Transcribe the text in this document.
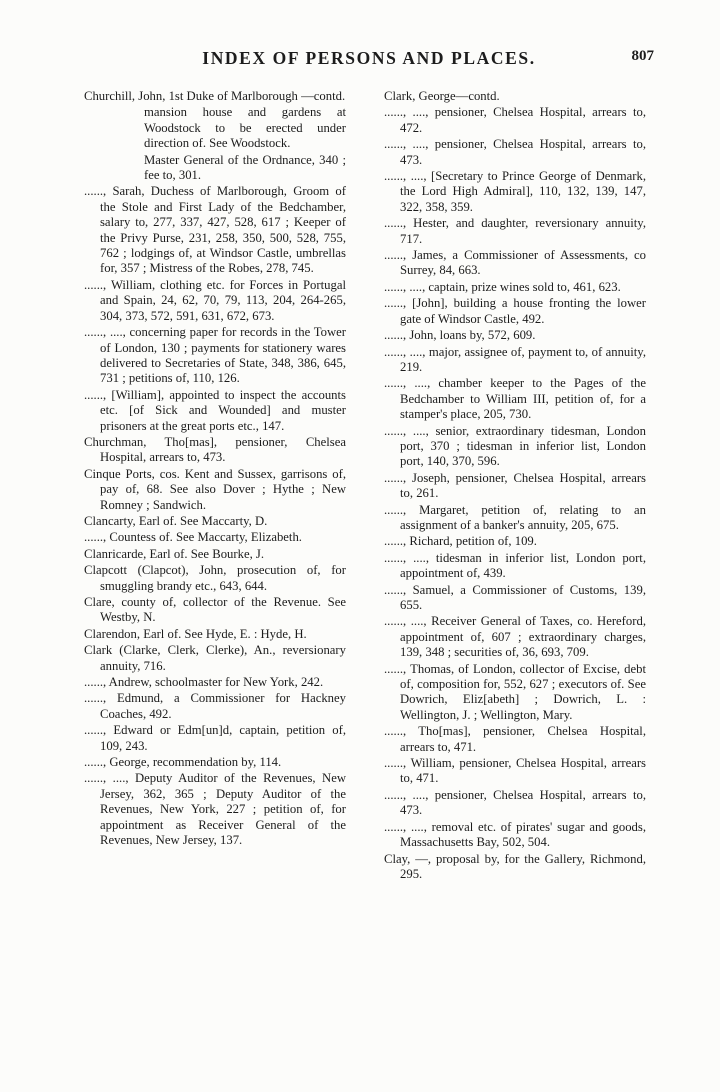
INDEX OF PERSONS AND PLACES.	807
Churchill, John, 1st Duke of Marlborough —contd.
mansion house and gardens at Woodstock to be erected under direction of. See Woodstock.
Master General of the Ordnance, 340 ; fee to, 301.
......, Sarah, Duchess of Marlborough, Groom of the Stole and First Lady of the Bedchamber, salary to, 277, 337, 427, 528, 617 ; Keeper of the Privy Purse, 231, 258, 350, 500, 528, 755, 762 ; lodgings of, at Windsor Castle, umbrellas for, 357 ; Mistress of the Robes, 278, 745.
......, William, clothing etc. for Forces in Portugal and Spain, 24, 62, 70, 79, 113, 204, 264-265, 304, 373, 572, 591, 631, 672, 673.
......, ...., concerning paper for records in the Tower of London, 130 ; payments for stationery wares delivered to Secretaries of State, 348, 386, 645, 731 ; petitions of, 110, 126.
......, [William], appointed to inspect the accounts etc. [of Sick and Wounded] and muster prisoners at the great ports etc., 147.
Churchman, Tho[mas], pensioner, Chelsea Hospital, arrears to, 473.
Cinque Ports, cos. Kent and Sussex, garrisons of, pay of, 68. See also Dover ; Hythe ; New Romney ; Sandwich.
Clancarty, Earl of. See Maccarty, D.
......, Countess of. See Maccarty, Elizabeth.
Clanricarde, Earl of. See Bourke, J.
Clapcott (Clapcot), John, prosecution of, for smuggling brandy etc., 643, 644.
Clare, county of, collector of the Revenue. See Westby, N.
Clarendon, Earl of. See Hyde, E. : Hyde, H.
Clark (Clarke, Clerk, Clerke), An., reversionary annuity, 716.
......, Andrew, schoolmaster for New York, 242.
......, Edmund, a Commissioner for Hackney Coaches, 492.
......, Edward or Edm[un]d, captain, petition of, 109, 243.
......, George, recommendation by, 114.
......, ...., Deputy Auditor of the Revenues, New Jersey, 362, 365 ; Deputy Auditor of the Revenues, New York, 227 ; petition of, for appointment as Receiver General of the Revenues, New Jersey, 137.
Clark, George—contd.
......, ...., pensioner, Chelsea Hospital, arrears to, 472.
......, ...., pensioner, Chelsea Hospital, arrears to, 473.
......, ...., [Secretary to Prince George of Denmark, the Lord High Admiral], 110, 132, 139, 147, 322, 358, 359.
......, Hester, and daughter, reversionary annuity, 717.
......, James, a Commissioner of Assessments, co Surrey, 84, 663.
......, ...., captain, prize wines sold to, 461, 623.
......, [John], building a house fronting the lower gate of Windsor Castle, 492.
......, John, loans by, 572, 609.
......, ...., major, assignee of, payment to, of annuity, 219.
......, ...., chamber keeper to the Pages of the Bedchamber to William III, petition of, for a stamper's place, 205, 730.
......, ...., senior, extraordinary tidesman, London port, 370 ; tidesman in inferior list, London port, 140, 370, 596.
......, Joseph, pensioner, Chelsea Hospital, arrears to, 261.
......, Margaret, petition of, relating to an assignment of a banker's annuity, 205, 675.
......, Richard, petition of, 109.
......, ...., tidesman in inferior list, London port, appointment of, 439.
......, Samuel, a Commissioner of Customs, 139, 655.
......, ...., Receiver General of Taxes, co. Hereford, appointment of, 607 ; extraordinary charges, 139, 348 ; securities of, 36, 693, 709.
......, Thomas, of London, collector of Excise, debt of, composition for, 552, 627 ; executors of. See Dowrich, Eliz[abeth] ; Dowrich, L. : Wellington, J. ; Wellington, Mary.
......, Tho[mas], pensioner, Chelsea Hospital, arrears to, 471.
......, William, pensioner, Chelsea Hospital, arrears to, 471.
......, ...., pensioner, Chelsea Hospital, arrears to, 473.
......, ...., removal etc. of pirates' sugar and goods, Massachusetts Bay, 502, 504.
Clay, —, proposal by, for the Gallery, Richmond, 295.
